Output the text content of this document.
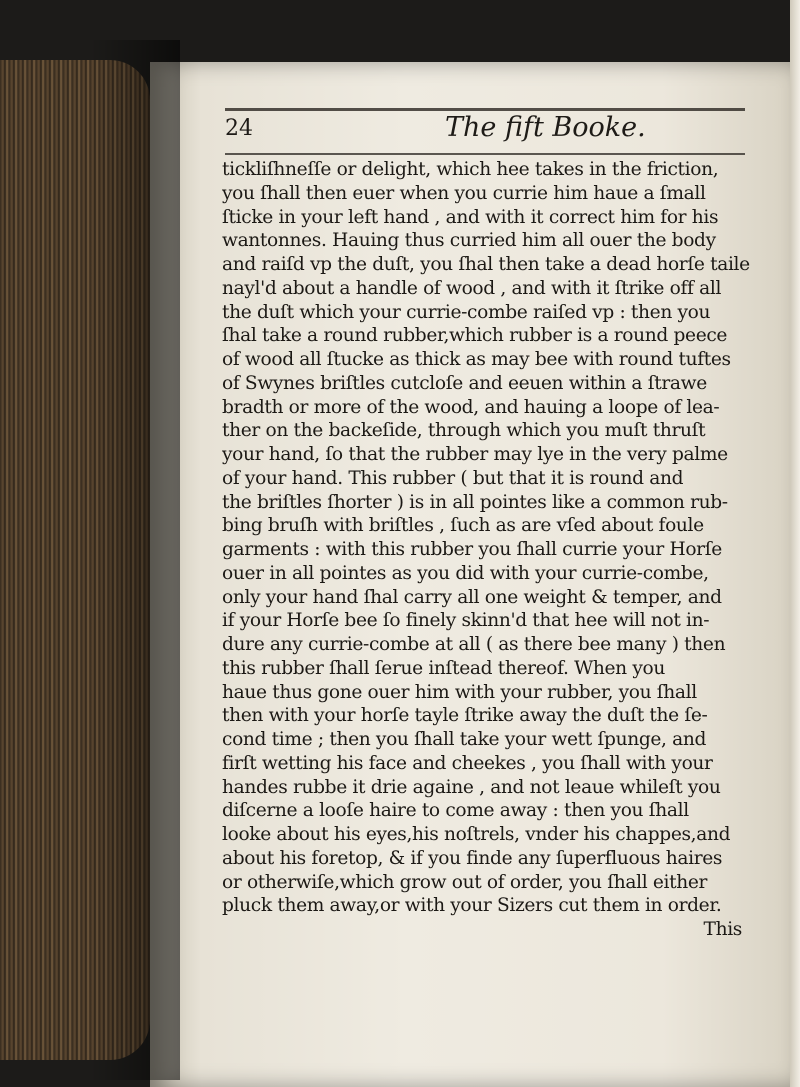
24	The fift Booke.
tickliſhneſſe or delight, which hee takes in the friction,
you ſhall then euer when you currie him haue a ſmall
ſticke in your left hand , and with it correct him for his
wantonnes. Hauing thus curried him all ouer the body
and raiſd vp the duſt, you ſhal then take a dead horſe taile
nayl'd about a handle of wood , and with it ſtrike off all
the duſt which your currie-combe raiſed vp : then you
ſhal take a round rubber,which rubber is a round peece
of wood all ſtucke as thick as may bee with round tuftes
of Swynes briſtles cutcloſe and eeuen within a ſtrawe
bradth or more of the wood, and hauing a loope of lea-
ther on the backeſide, through which you muſt thruſt
your hand, ſo that the rubber may lye in the very palme
of your hand. This rubber ( but that it is round and
the briſtles ſhorter ) is in all pointes like a common rub-
bing bruſh with briſtles , ſuch as are vſed about foule
garments : with this rubber you ſhall currie your Horſe
ouer in all pointes as you did with your currie-combe,
only your hand ſhal carry all one weight & temper, and
if your Horſe bee ſo finely skinn'd that hee will not in-
dure any currie-combe at all ( as there bee many ) then
this rubber ſhall ſerue inſtead thereof. When you
haue thus gone ouer him with your rubber, you ſhall
then with your horſe tayle ſtrike away the duſt the ſe-
cond time ; then you ſhall take your wett ſpunge, and
firſt wetting his face and cheekes , you ſhall with your
handes rubbe it drie againe , and not leaue whileſt you
diſcerne a looſe haire to come away : then you ſhall
looke about his eyes,his noſtrels, vnder his chappes,and
about his foretop, & if you finde any ſuperfluous haires
or otherwiſe,which grow out of order, you ſhall either
pluck them away,or with your Sizers cut them in order.
This
